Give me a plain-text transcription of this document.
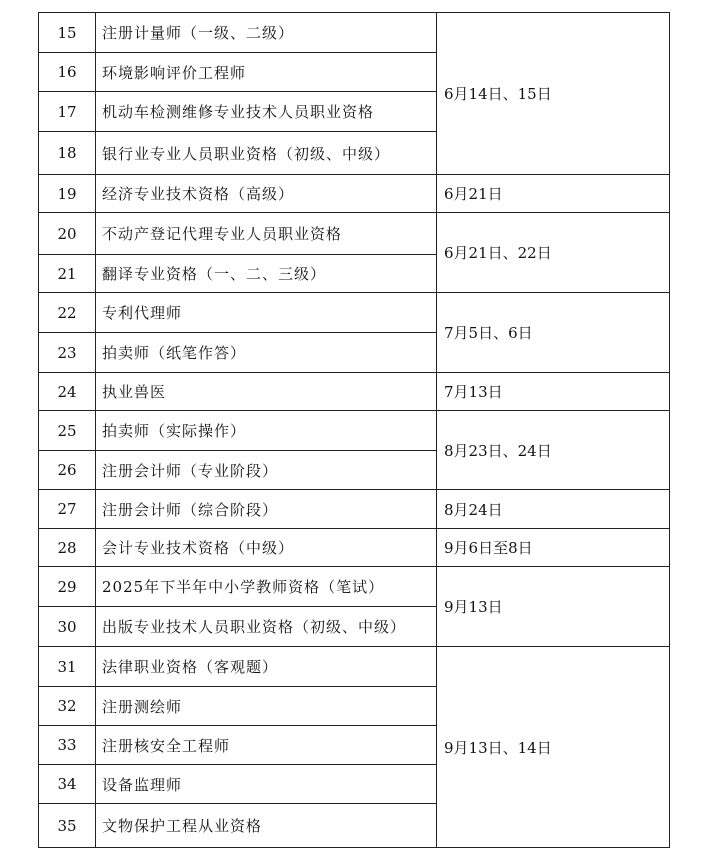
15	注册计量师（一级、二级）	6月14日、15日
16	环境影响评价工程师	
17	机动车检测维修专业技术人员职业资格	
18	银行业专业人员职业资格（初级、中级）	
19	经济专业技术资格（高级）	6月21日
20	不动产登记代理专业人员职业资格	6月21日、22日
21	翻译专业资格（一、二、三级）	
22	专利代理师	7月5日、6日
23	拍卖师（纸笔作答）	
24	执业兽医	7月13日
25	拍卖师（实际操作）	8月23日、24日
26	注册会计师（专业阶段）	
27	注册会计师（综合阶段）	8月24日
28	会计专业技术资格（中级）	9月6日至8日
29	2025年下半年中小学教师资格（笔试）	9月13日
30	出版专业技术人员职业资格（初级、中级）	
31	法律职业资格（客观题）	9月13日、14日
32	注册测绘师	
33	注册核安全工程师	
34	设备监理师	
35	文物保护工程从业资格	
